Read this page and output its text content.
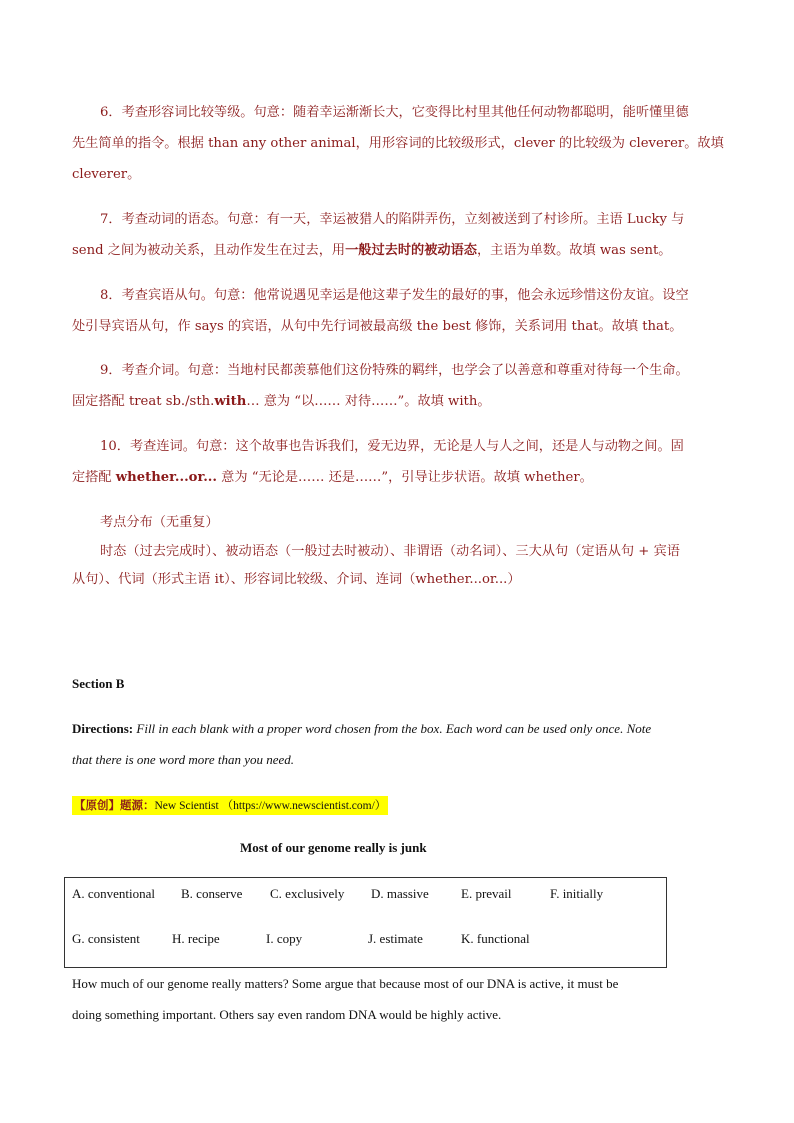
6．考查形容词比较等级。句意：随着幸运渐渐长大，它变得比村里其他任何动物都聪明，能听懂里德
先生简单的指令。根据 than any other animal，用形容词的比较级形式，clever 的比较级为 cleverer。故填
cleverer。
7．考查动词的语态。句意：有一天，幸运被猎人的陷阱弄伤，立刻被送到了村诊所。主语 Lucky 与
send 之间为被动关系，且动作发生在过去，用一般过去时的被动语态，主语为单数。故填 was sent。
8．考查宾语从句。句意：他常说遇见幸运是他这辈子发生的最好的事，他会永远珍惜这份友谊。设空
处引导宾语从句，作 says 的宾语，从句中先行词被最高级 the best 修饰，关系词用 that。故填 that。
9．考查介词。句意：当地村民都羡慕他们这份特殊的羁绊，也学会了以善意和尊重对待每一个生命。
固定搭配 treat sb./sth.with… 意为 “以…… 对待……”。故填 with。
10．考查连词。句意：这个故事也告诉我们，爱无边界，无论是人与人之间，还是人与动物之间。固
定搭配 whether...or... 意为 “无论是…… 还是……”，引导让步状语。故填 whether。
考点分布（无重复）
时态（过去完成时）、被动语态（一般过去时被动）、非谓语（动名词）、三大从句（定语从句 + 宾语
从句）、代词（形式主语 it）、形容词比较级、介词、连词（whether...or...）
Section B
Directions: Fill in each blank with a proper word chosen from the box. Each word can be used only once. Note
that there is one word more than you need.
【原创】题源：New Scientist （https://www.newscientist.com/）
Most of our genome really is junk
A. conventional B. conserve C. exclusively D. massive E. prevail	F. initially
G. consistent H. recipe	I. copy	J. estimate	K. functional
How much of our genome really matters? Some argue that because most of our DNA is active, it must be
doing something important. Others say even random DNA would be highly active.
